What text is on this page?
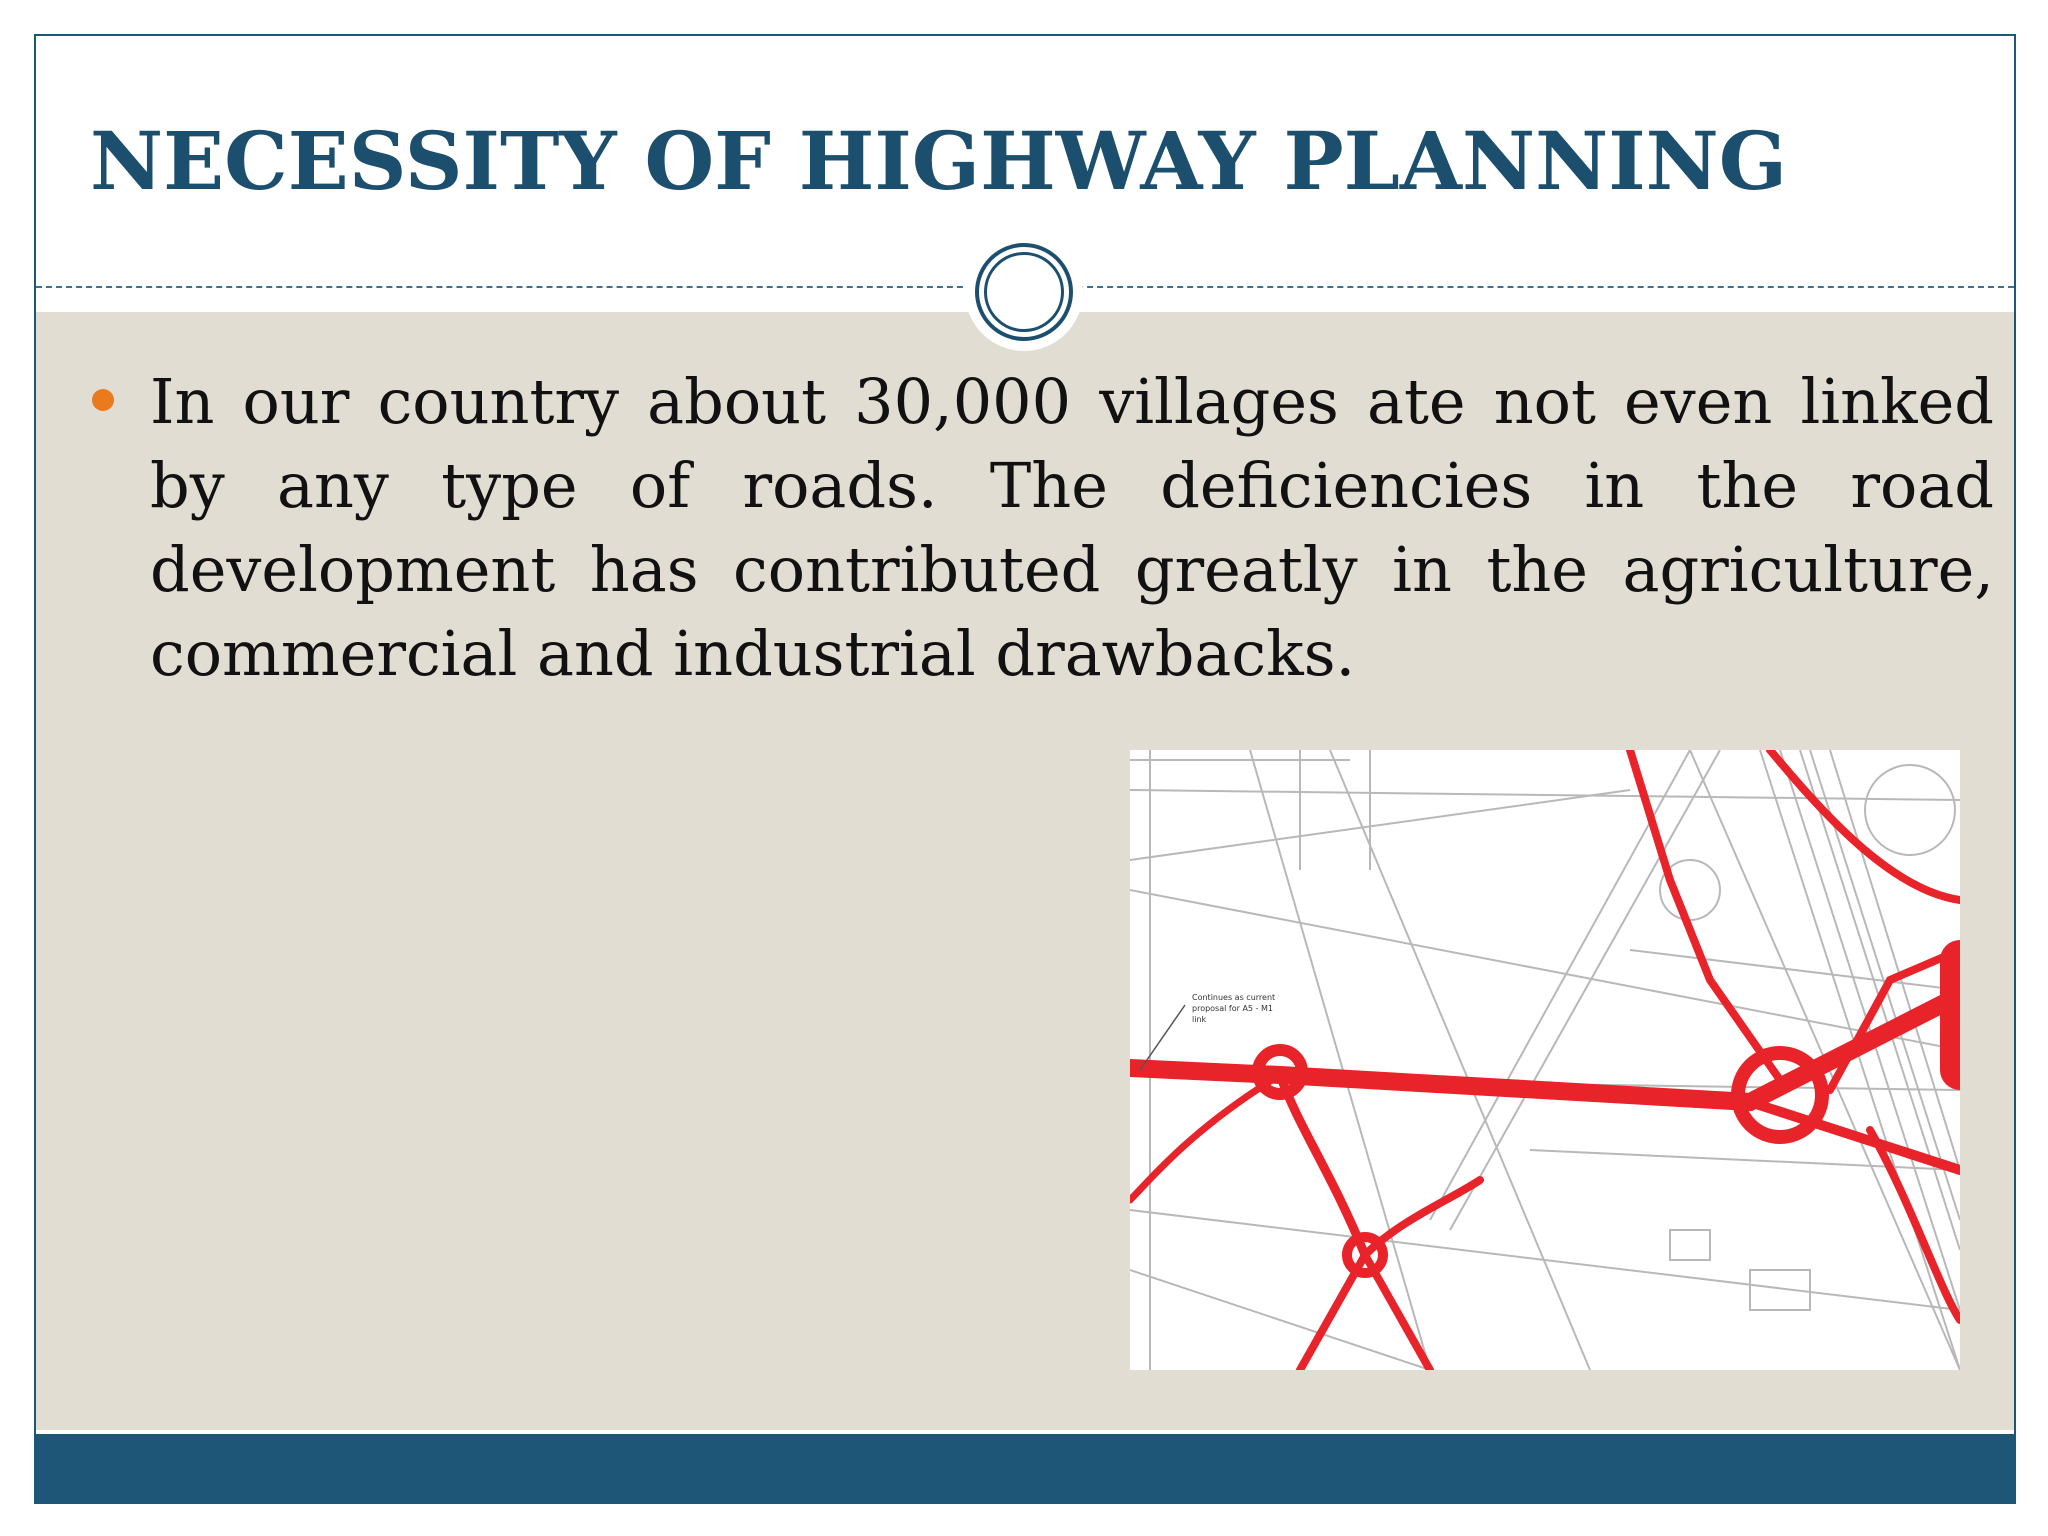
NECESSITY OF HIGHWAY PLANNING

In our country about 30,000 villages ate not even linked by any type of roads. The deficiencies in the road development has contributed greatly in the agriculture, commercial and industrial drawbacks.

Continues as current
proposal for A5 - M1
link
